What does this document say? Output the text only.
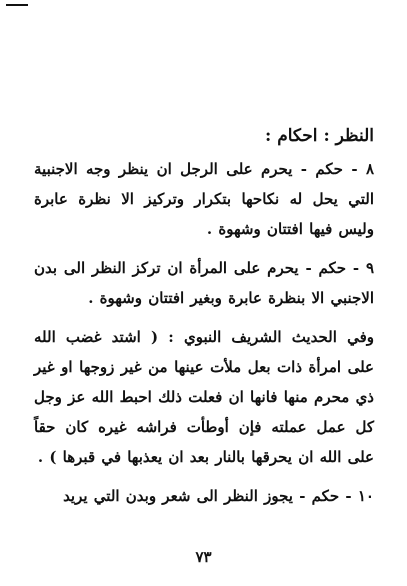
النظر : احكام :

٨ - حكم - يحرم على الرجل ان ينظر وجه الاجنبية التي يحل له نكاحها بتكرار وتركيز الا نظرة عابرة وليس فيها افتتان وشهوة .

٩ - حكم - يحرم على المرأة ان تركز النظر الى بدن الاجنبي الا بنظرة عابرة وبغير افتتان وشهوة .

وفي الحديث الشريف النبوي : ( اشتد غضب الله على امرأة ذات بعل ملأت عينها من غير زوجها او غير ذي محرم منها فانها ان فعلت ذلك احبط الله عز وجل كل عمل عملته فإن أوطأت فراشه غيره كان حقاً على الله ان يحرقها بالنار بعد ان يعذبها في قبرها ) .

١٠ - حكم - يجوز النظر الى شعر وبدن التي يريد

٧٣
